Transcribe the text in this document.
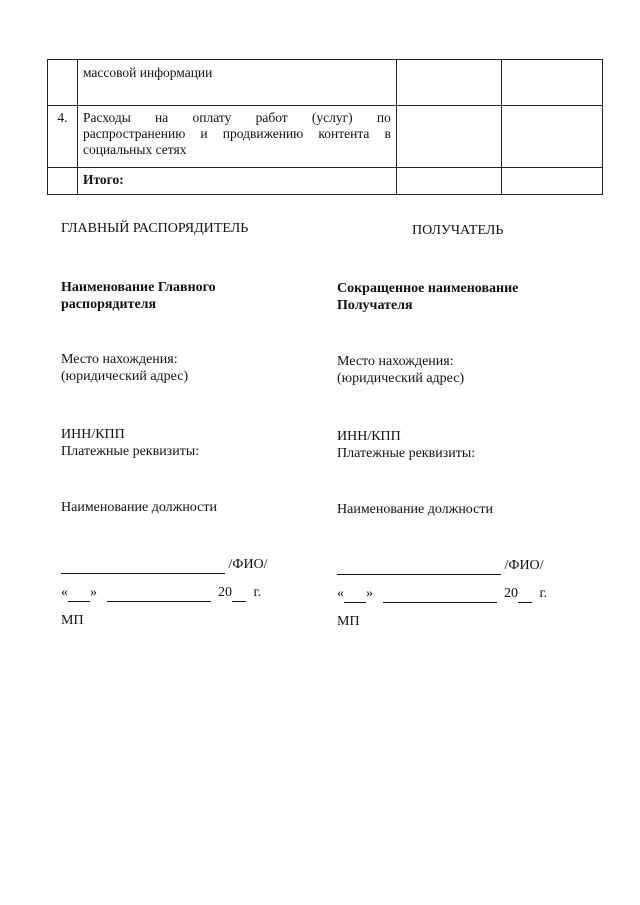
	массовой информации		
4.	Расходы на оплату работ (услуг) по распространению и продвижению контента в социальных сетях		
	Итого:		
ГЛАВНЫЙ РАСПОРЯДИТЕЛЬ
Наименование Главного
распорядителя
Место нахождения:
(юридический адрес)
ИНН/КПП
Платежные реквизиты:
Наименование должности
/ФИО/
« »	20 г.
МП
ПОЛУЧАТЕЛЬ
Сокращенное наименование
Получателя
Место нахождения:
(юридический адрес)
ИНН/КПП
Платежные реквизиты:
Наименование должности
/ФИО/
« »	20 г.
МП
